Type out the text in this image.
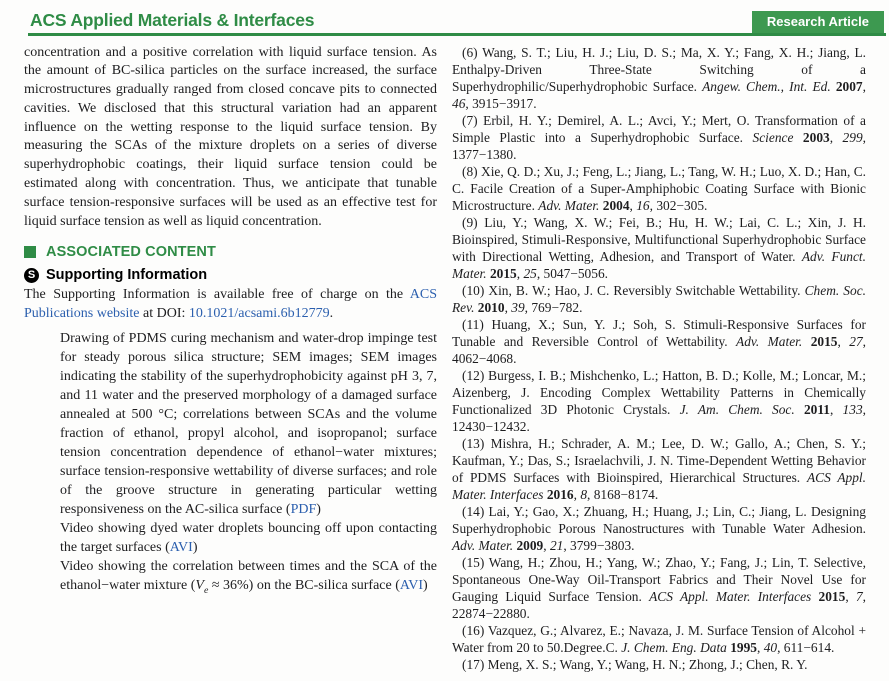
ACS Applied Materials & Interfaces	Research Article

concentration and a positive correlation with liquid surface tension. As the amount of BC-silica particles on the surface increased, the surface microstructures gradually ranged from closed concave pits to connected cavities. We disclosed that this structural variation had an apparent influence on the wetting response to the liquid surface tension. By measuring the SCAs of the mixture droplets on a series of diverse superhydrophobic coatings, their liquid surface tension could be estimated along with concentration. Thus, we anticipate that tunable surface tension-responsive surfaces will be used as an effective test for liquid surface tension as well as liquid concentration.

ASSOCIATED CONTENT
S Supporting Information

The Supporting Information is available free of charge on the ACS Publications website at DOI: 10.1021/acsami.6b12779.

Drawing of PDMS curing mechanism and water-drop impinge test for steady porous silica structure; SEM images; SEM images indicating the stability of the superhydrophobicity against pH 3, 7, and 11 water and the preserved morphology of a damaged surface annealed at 500 °C; correlations between SCAs and the volume fraction of ethanol, propyl alcohol, and isopropanol; surface tension concentration dependence of ethanol−water mixtures; surface tension-responsive wettability of diverse surfaces; and role of the groove structure in generating particular wetting responsiveness on the AC-silica surface (PDF)

Video showing dyed water droplets bouncing off upon contacting the target surfaces (AVI)

Video showing the correlation between times and the SCA of the ethanol−water mixture $(V_e \approx 36\%)$ on the BC-silica surface (AVI)

(6) Wang, S. T.; Liu, H. J.; Liu, D. S.; Ma, X. Y.; Fang, X. H.; Jiang, L. Enthalpy-Driven Three-State Switching of a Superhydrophilic/Superhydrophobic Surface. Angew. Chem., Int. Ed. 2007, 46, 3915−3917.

(7) Erbil, H. Y.; Demirel, A. L.; Avci, Y.; Mert, O. Transformation of a Simple Plastic into a Superhydrophobic Surface. Science 2003, 299, 1377−1380.

(8) Xie, Q. D.; Xu, J.; Feng, L.; Jiang, L.; Tang, W. H.; Luo, X. D.; Han, C. C. Facile Creation of a Super-Amphiphobic Coating Surface with Bionic Microstructure. Adv. Mater. 2004, 16, 302−305.

(9) Liu, Y.; Wang, X. W.; Fei, B.; Hu, H. W.; Lai, C. L.; Xin, J. H. Bioinspired, Stimuli-Responsive, Multifunctional Superhydrophobic Surface with Directional Wetting, Adhesion, and Transport of Water. Adv. Funct. Mater. 2015, 25, 5047−5056.

(10) Xin, B. W.; Hao, J. C. Reversibly Switchable Wettability. Chem. Soc. Rev. 2010, 39, 769−782.

(11) Huang, X.; Sun, Y. J.; Soh, S. Stimuli-Responsive Surfaces for Tunable and Reversible Control of Wettability. Adv. Mater. 2015, 27, 4062−4068.

(12) Burgess, I. B.; Mishchenko, L.; Hatton, B. D.; Kolle, M.; Loncar, M.; Aizenberg, J. Encoding Complex Wettability Patterns in Chemically Functionalized 3D Photonic Crystals. J. Am. Chem. Soc. 2011, 133, 12430−12432.

(13) Mishra, H.; Schrader, A. M.; Lee, D. W.; Gallo, A.; Chen, S. Y.; Kaufman, Y.; Das, S.; Israelachvili, J. N. Time-Dependent Wetting Behavior of PDMS Surfaces with Bioinspired, Hierarchical Structures. ACS Appl. Mater. Interfaces 2016, 8, 8168−8174.

(14) Lai, Y.; Gao, X.; Zhuang, H.; Huang, J.; Lin, C.; Jiang, L. Designing Superhydrophobic Porous Nanostructures with Tunable Water Adhesion. Adv. Mater. 2009, 21, 3799−3803.

(15) Wang, H.; Zhou, H.; Yang, W.; Zhao, Y.; Fang, J.; Lin, T. Selective, Spontaneous One-Way Oil-Transport Fabrics and Their Novel Use for Gauging Liquid Surface Tension. ACS Appl. Mater. Interfaces 2015, 7, 22874−22880.

(16) Vazquez, G.; Alvarez, E.; Navaza, J. M. Surface Tension of Alcohol + Water from 20 to 50.Degree.C. J. Chem. Eng. Data 1995, 40, 611−614.

(17) Meng, X. S.; Wang, Y.; Wang, H. N.; Zhong, J.; Chen, R. Y.
